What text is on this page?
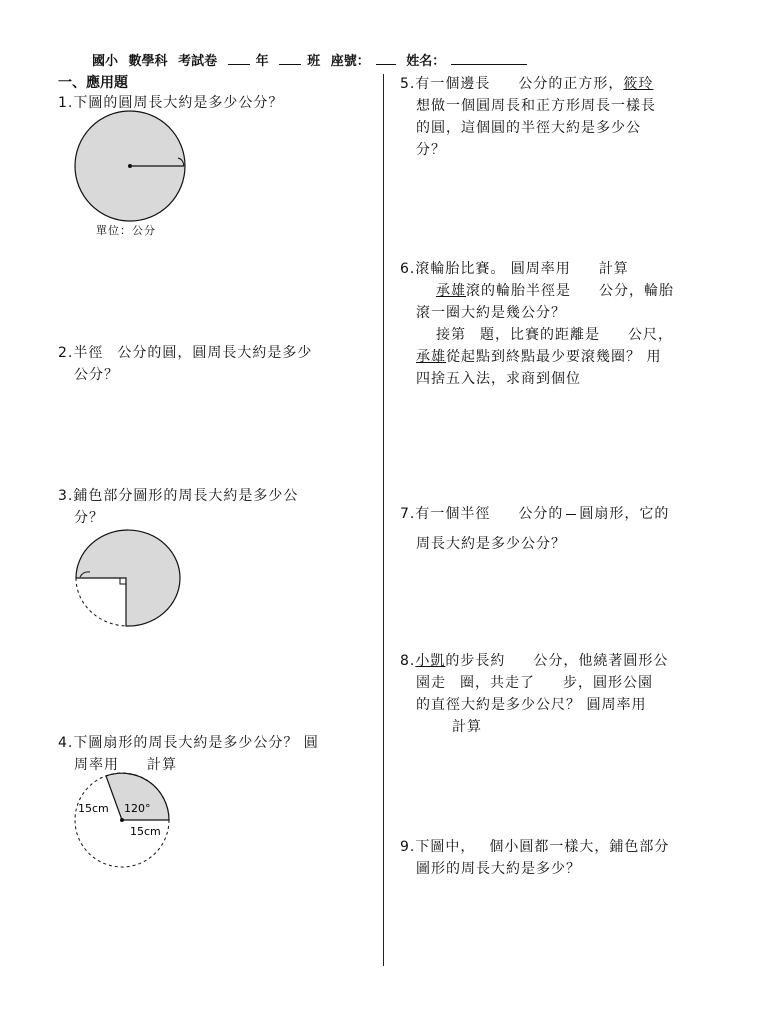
國小 數學科 考試卷	年	班 座號：	姓名：
一、應用題
1.下圖的圓周長大約是多少公分？
單位：公分
2.半徑 公分的圓，圓周長大約是多少
公分？
3.鋪色部分圖形的周長大約是多少公
分？
4.下圖扇形的周長大約是多少公分？ 圓
周率用 計算
15cm 120°
15cm
5.有一個邊長 公分的正方形，筱玲
想做一個圓周長和正方形周長一樣長
的圓，這個圓的半徑大約是多少公
分？
6.滾輪胎比賽。 圓周率用 計算
承雄滾的輪胎半徑是 公分，輪胎
滾一圈大約是幾公分？
接第 題，比賽的距離是 公尺，
承雄從起點到終點最少要滾幾圈？ 用
四捨五入法，求商到個位
7.有一個半徑 公分的 圓扇形，它的
周長大約是多少公分？
8.小凱的步長約 公分，他繞著圓形公
園走 圈，共走了 步，圓形公園
的直徑大約是多少公尺？ 圓周率用
計算
9.下圖中， 個小圓都一樣大，鋪色部分
圖形的周長大約是多少？
